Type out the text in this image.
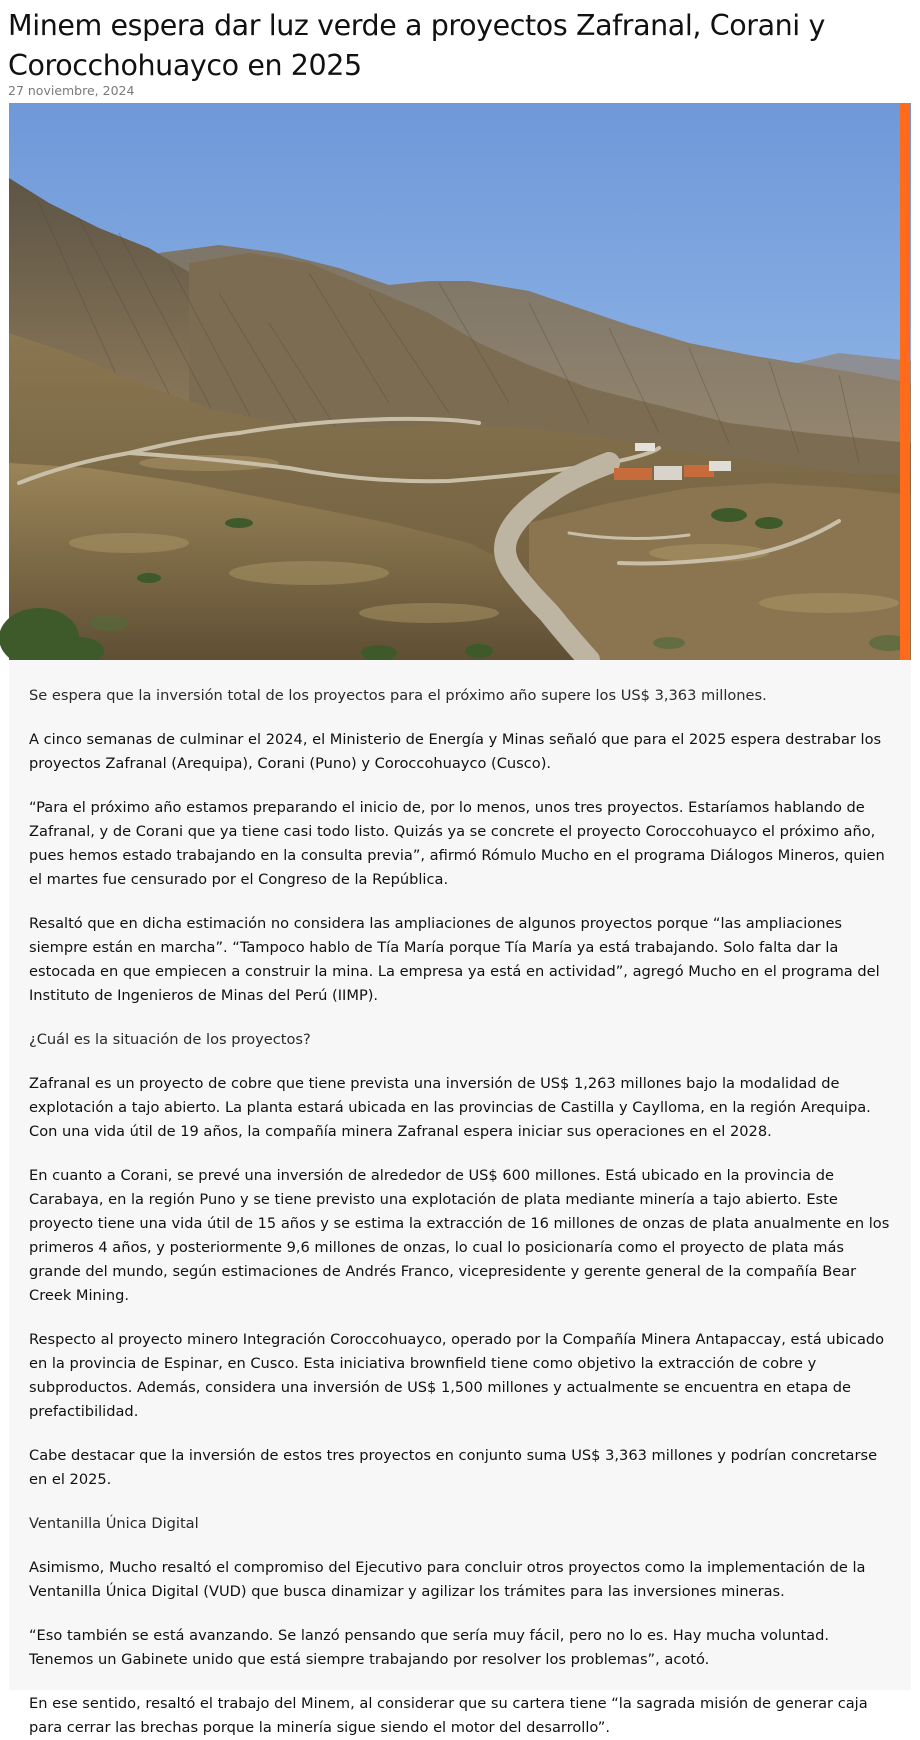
Minem espera dar luz verde a proyectos Zafranal, Corani y Corocchohuayco en 2025
27 noviembre, 2024

Se espera que la inversión total de los proyectos para el próximo año supere los US$ 3,363 millones.

A cinco semanas de culminar el 2024, el Ministerio de Energía y Minas señaló que para el 2025 espera destrabar los proyectos Zafranal (Arequipa), Corani (Puno) y Coroccohuayco (Cusco).

“Para el próximo año estamos preparando el inicio de, por lo menos, unos tres proyectos. Estaríamos hablando de Zafranal, y de Corani que ya tiene casi todo listo. Quizás ya se concrete el proyecto Coroccohuayco el próximo año, pues hemos estado trabajando en la consulta previa”, afirmó Rómulo Mucho en el programa Diálogos Mineros, quien el martes fue censurado por el Congreso de la República.

Resaltó que en dicha estimación no considera las ampliaciones de algunos proyectos porque “las ampliaciones siempre están en marcha”. “Tampoco hablo de Tía María porque Tía María ya está trabajando. Solo falta dar la estocada en que empiecen a construir la mina. La empresa ya está en actividad”, agregó Mucho en el programa del Instituto de Ingenieros de Minas del Perú (IIMP).

¿Cuál es la situación de los proyectos?

Zafranal es un proyecto de cobre que tiene prevista una inversión de US$ 1,263 millones bajo la modalidad de explotación a tajo abierto. La planta estará ubicada en las provincias de Castilla y Caylloma, en la región Arequipa. Con una vida útil de 19 años, la compañía minera Zafranal espera iniciar sus operaciones en el 2028.

En cuanto a Corani, se prevé una inversión de alrededor de US$ 600 millones. Está ubicado en la provincia de Carabaya, en la región Puno y se tiene previsto una explotación de plata mediante minería a tajo abierto. Este proyecto tiene una vida útil de 15 años y se estima la extracción de 16 millones de onzas de plata anualmente en los primeros 4 años, y posteriormente 9,6 millones de onzas, lo cual lo posicionaría como el proyecto de plata más grande del mundo, según estimaciones de Andrés Franco, vicepresidente y gerente general de la compañía Bear Creek Mining.

Respecto al proyecto minero Integración Coroccohuayco, operado por la Compañía Minera Antapaccay, está ubicado en la provincia de Espinar, en Cusco. Esta iniciativa brownfield tiene como objetivo la extracción de cobre y subproductos. Además, considera una inversión de US$ 1,500 millones y actualmente se encuentra en etapa de prefactibilidad.

Cabe destacar que la inversión de estos tres proyectos en conjunto suma US$ 3,363 millones y podrían concretarse en el 2025.

Ventanilla Única Digital

Asimismo, Mucho resaltó el compromiso del Ejecutivo para concluir otros proyectos como la implementación de la Ventanilla Única Digital (VUD) que busca dinamizar y agilizar los trámites para las inversiones mineras.

“Eso también se está avanzando. Se lanzó pensando que sería muy fácil, pero no lo es. Hay mucha voluntad. Tenemos un Gabinete unido que está siempre trabajando por resolver los problemas”, acotó.

En ese sentido, resaltó el trabajo del Minem, al considerar que su cartera tiene “la sagrada misión de generar caja para cerrar las brechas porque la minería sigue siendo el motor del desarrollo”.
